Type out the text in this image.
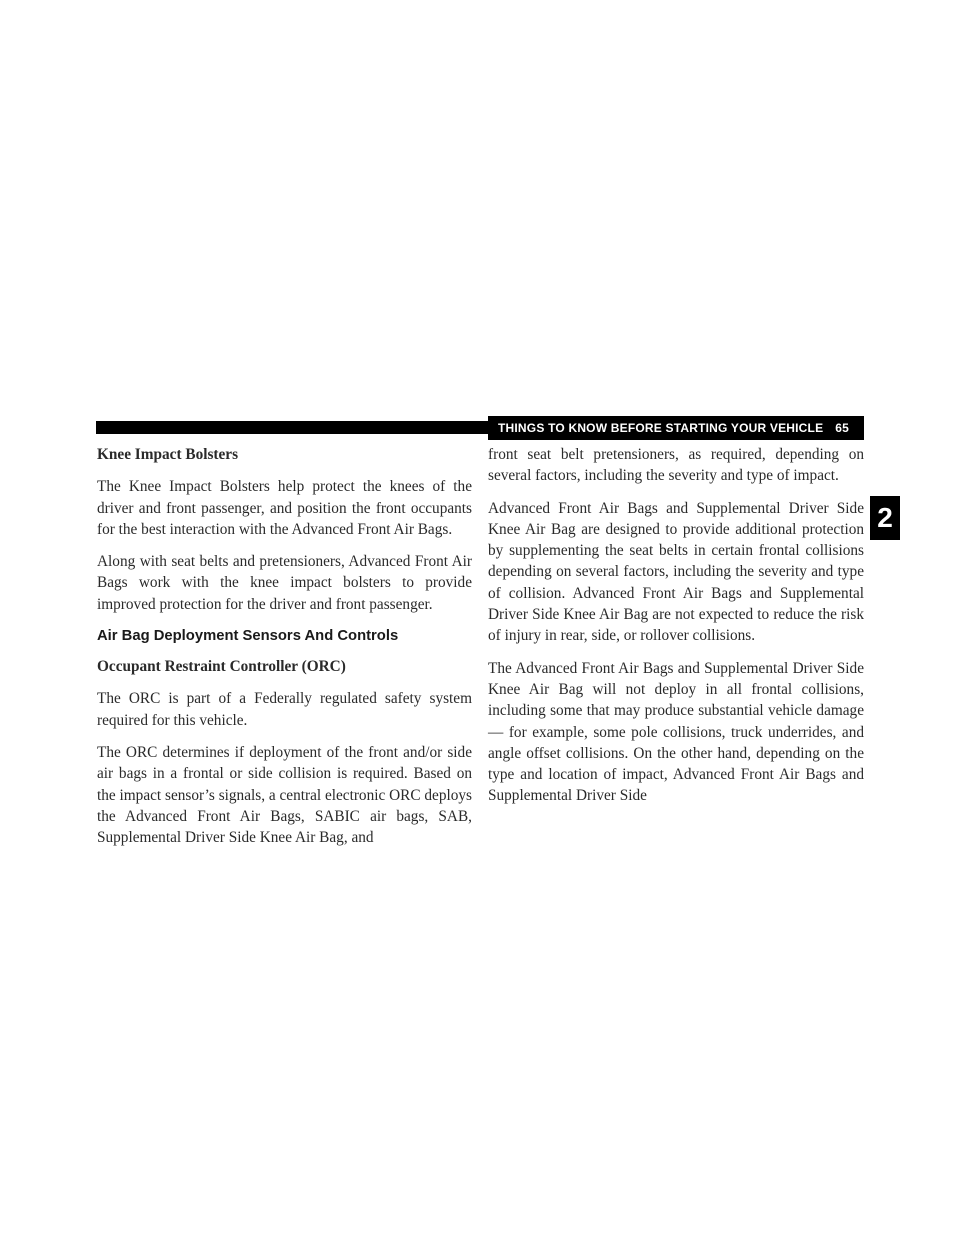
THINGS TO KNOW BEFORE STARTING YOUR VEHICLE 65
2
Knee Impact Bolsters

The Knee Impact Bolsters help protect the knees of the driver and front passenger, and position the front occupants for the best interaction with the Advanced Front Air Bags.

Along with seat belts and pretensioners, Advanced Front Air Bags work with the knee impact bolsters to provide improved protection for the driver and front passenger.

Air Bag Deployment Sensors And Controls
Occupant Restraint Controller (ORC)

The ORC is part of a Federally regulated safety system required for this vehicle.

The ORC determines if deployment of the front and/or side air bags in a frontal or side collision is required. Based on the impact sensor’s signals, a central electronic ORC deploys the Advanced Front Air Bags, SABIC air bags, SAB, Supplemental Driver Side Knee Air Bag, and

front seat belt pretensioners, as required, depending on several factors, including the severity and type of impact.

Advanced Front Air Bags and Supplemental Driver Side Knee Air Bag are designed to provide additional protection by supplementing the seat belts in certain frontal collisions depending on several factors, including the severity and type of collision. Advanced Front Air Bags and Supplemental Driver Side Knee Air Bag are not expected to reduce the risk of injury in rear, side, or rollover collisions.

The Advanced Front Air Bags and Supplemental Driver Side Knee Air Bag will not deploy in all frontal collisions, including some that may produce substantial vehicle damage — for example, some pole collisions, truck underrides, and angle offset collisions. On the other hand, depending on the type and location of impact, Advanced Front Air Bags and Supplemental Driver Side
